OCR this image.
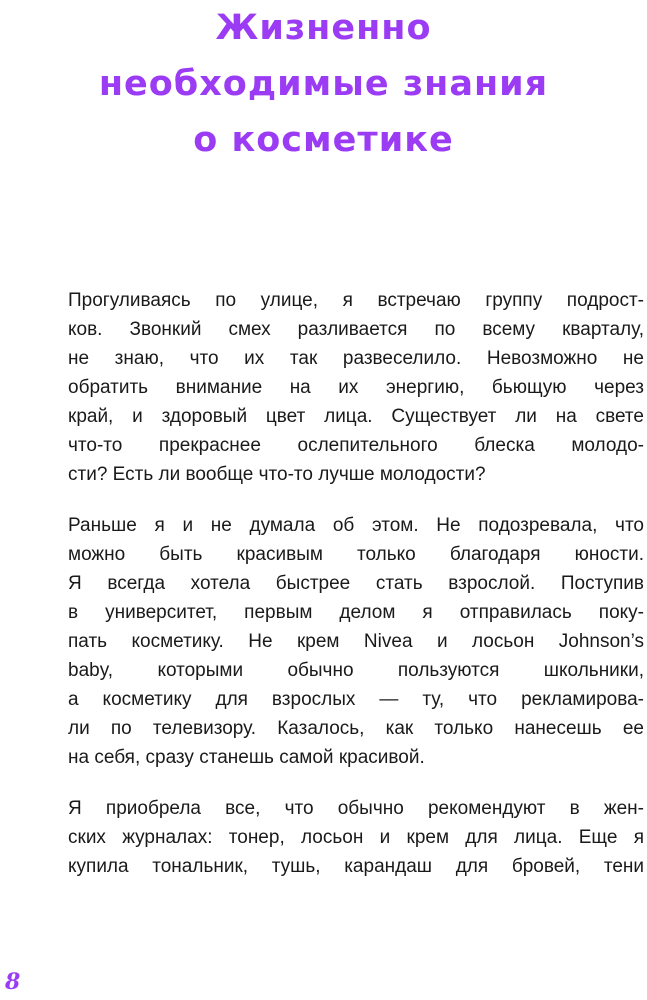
Жизненно
необходимые знания
о косметике

Прогуливаясь по улице, я встречаю группу подрост-
ков. Звонкий смех разливается по всему кварталу,
не знаю, что их так развеселило. Невозможно не
обратить внимание на их энергию, бьющую через
край, и здоровый цвет лица. Существует ли на свете
что-то прекраснее ослепительного блеска молодо-
сти? Есть ли вообще что-то лучше молодости?

Раньше я и не думала об этом. Не подозревала, что
можно быть красивым только благодаря юности.
Я всегда хотела быстрее стать взрослой. Поступив
в университет, первым делом я отправилась поку-
пать косметику. Не крем Nivea и лосьон Johnson’s
baby, которыми обычно пользуются школьники,
а косметику для взрослых — ту, что рекламирова-
ли по телевизору. Казалось, как только нанесешь ее
на себя, сразу станешь самой красивой.

Я приобрела все, что обычно рекомендуют в жен-
ских журналах: тонер, лосьон и крем для лица. Еще я
купила тональник, тушь, карандаш для бровей, тени

8
